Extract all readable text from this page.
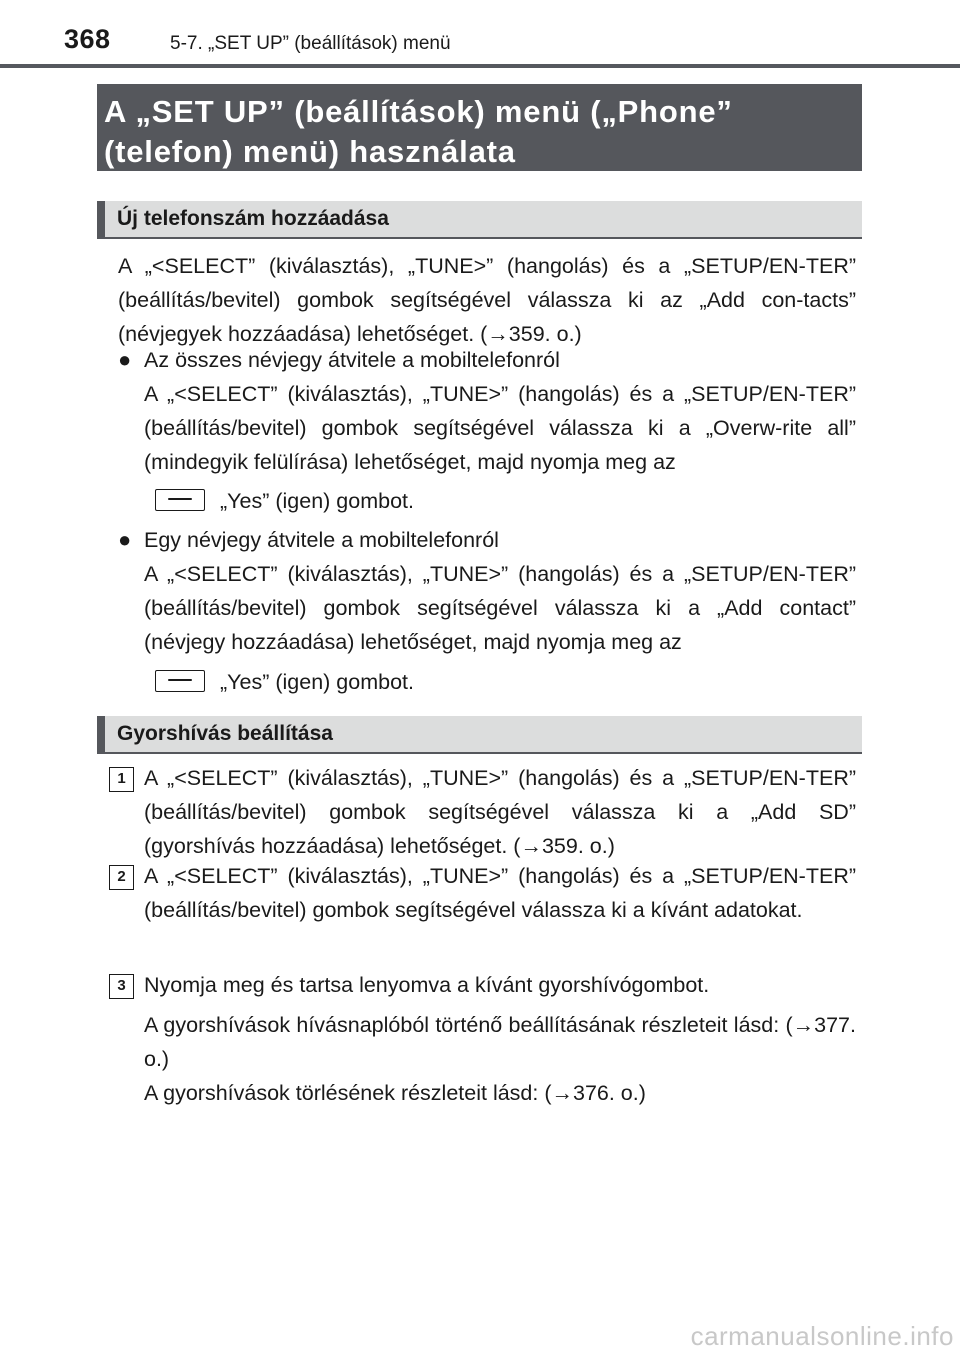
368	5-7. „SET UP” (beállítások) menü
A „SET UP” (beállítások) menü („Phone”
(telefon) menü) használata
Új telefonszám hozzáadása
A „<SELECT” (kiválasztás), „TUNE>” (hangolás) és a „SETUP/EN-TER” (beállítás/bevitel) gombok segítségével válassza ki az „Add con-tacts” (névjegyek hozzáadása) lehetőséget. (→359. o.)
● Az összes névjegy átvitele a mobiltelefonról
A „<SELECT” (kiválasztás), „TUNE>” (hangolás) és a „SETUP/EN-TER” (beállítás/bevitel) gombok segítségével válassza ki a „Overw-rite all” (mindegyik felülírása) lehetőséget, majd nyomja meg az
„Yes” (igen) gombot.
● Egy névjegy átvitele a mobiltelefonról
A „<SELECT” (kiválasztás), „TUNE>” (hangolás) és a „SETUP/EN-TER” (beállítás/bevitel) gombok segítségével válassza ki a „Add contact” (névjegy hozzáadása) lehetőséget, majd nyomja meg az
„Yes” (igen) gombot.
Gyorshívás beállítása
1 A „<SELECT” (kiválasztás), „TUNE>” (hangolás) és a „SETUP/EN-TER” (beállítás/bevitel) gombok segítségével válassza ki a „Add SD” (gyorshívás hozzáadása) lehetőséget. (→359. o.)
2 A „<SELECT” (kiválasztás), „TUNE>” (hangolás) és a „SETUP/EN-TER” (beállítás/bevitel) gombok segítségével válassza ki a kívánt adatokat.
3 Nyomja meg és tartsa lenyomva a kívánt gyorshívógombot.
A gyorshívások hívásnaplóból történő beállításának részleteit lásd: (→377. o.)
A gyorshívások törlésének részleteit lásd: (→376. o.)
carmanualsonline.info
